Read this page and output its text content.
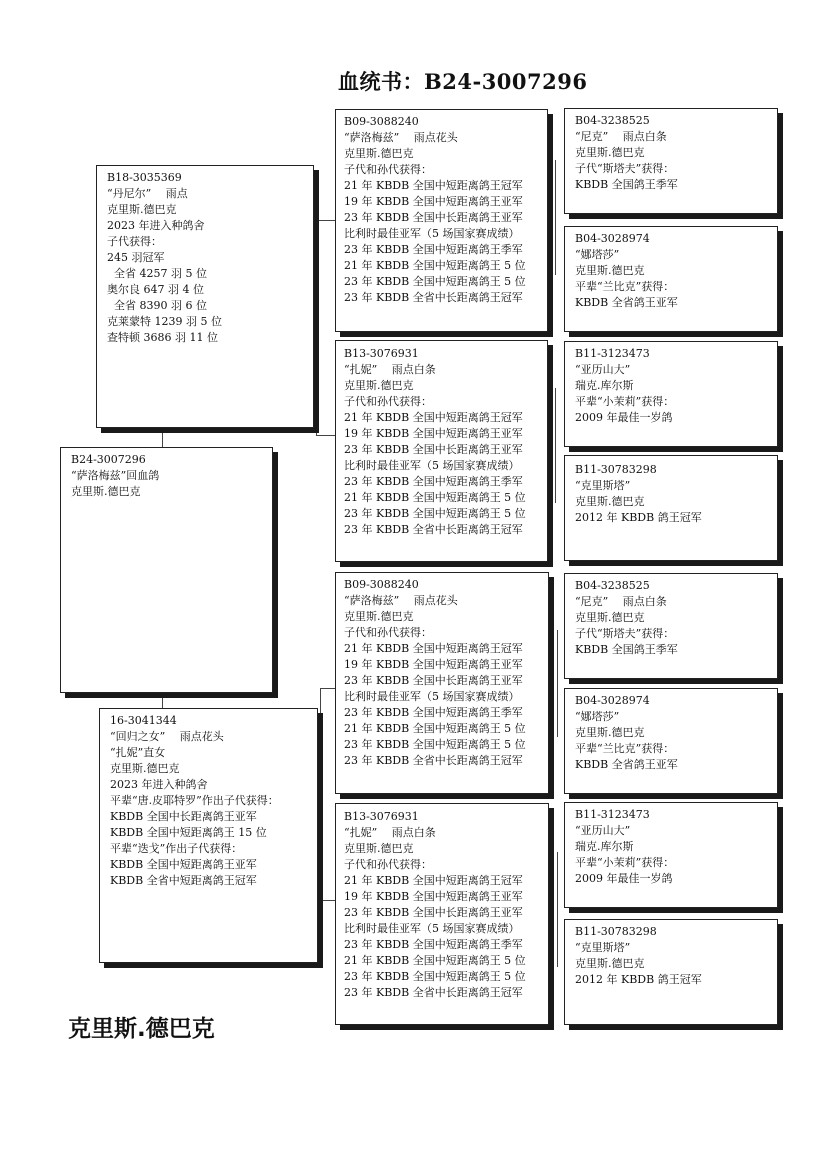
血统书：B24-3007296
B24-3007296
“萨洛梅兹”回血鸽
克里斯.德巴克
B18-3035369
“丹尼尔”　 雨点
克里斯.德巴克
2023 年进入种鸽舍
子代获得：
245 羽冠军
全省 4257 羽 5 位
奥尔良 647 羽 4 位
全省 8390 羽 6 位
克莱蒙特 1239 羽 5 位
查特顿 3686 羽 11 位
16-3041344
“回归之女”　 雨点花头
“扎妮”直女
克里斯.德巴克
2023 年进入种鸽舍
平辈“唐.皮耶特罗”作出子代获得：
KBDB 全国中长距离鸽王亚军
KBDB 全国中短距离鸽王 15 位
平辈“迭戈”作出子代获得：
KBDB 全国中短距离鸽王亚军
KBDB 全省中短距离鸽王冠军
B09-3088240
“萨洛梅兹”　 雨点花头
克里斯.德巴克
子代和孙代获得：
21 年 KBDB 全国中短距离鸽王冠军
19 年 KBDB 全国中短距离鸽王亚军
23 年 KBDB 全国中长距离鸽王亚军
比利时最佳亚军（5 场国家赛成绩）
23 年 KBDB 全国中短距离鸽王季军
21 年 KBDB 全国中短距离鸽王 5 位
23 年 KBDB 全国中短距离鸽王 5 位
23 年 KBDB 全省中长距离鸽王冠军
B13-3076931
“扎妮”　 雨点白条
克里斯.德巴克
子代和孙代获得：
21 年 KBDB 全国中短距离鸽王冠军
19 年 KBDB 全国中短距离鸽王亚军
23 年 KBDB 全国中长距离鸽王亚军
比利时最佳亚军（5 场国家赛成绩）
23 年 KBDB 全国中短距离鸽王季军
21 年 KBDB 全国中短距离鸽王 5 位
23 年 KBDB 全国中短距离鸽王 5 位
23 年 KBDB 全省中长距离鸽王冠军
B09-3088240
“萨洛梅兹”　 雨点花头
克里斯.德巴克
子代和孙代获得：
21 年 KBDB 全国中短距离鸽王冠军
19 年 KBDB 全国中短距离鸽王亚军
23 年 KBDB 全国中长距离鸽王亚军
比利时最佳亚军（5 场国家赛成绩）
23 年 KBDB 全国中短距离鸽王季军
21 年 KBDB 全国中短距离鸽王 5 位
23 年 KBDB 全国中短距离鸽王 5 位
23 年 KBDB 全省中长距离鸽王冠军
B13-3076931
“扎妮”　 雨点白条
克里斯.德巴克
子代和孙代获得：
21 年 KBDB 全国中短距离鸽王冠军
19 年 KBDB 全国中短距离鸽王亚军
23 年 KBDB 全国中长距离鸽王亚军
比利时最佳亚军（5 场国家赛成绩）
23 年 KBDB 全国中短距离鸽王季军
21 年 KBDB 全国中短距离鸽王 5 位
23 年 KBDB 全国中短距离鸽王 5 位
23 年 KBDB 全省中长距离鸽王冠军
B04-3238525
“尼克”　 雨点白条
克里斯.德巴克
子代“斯塔夫”获得：
KBDB 全国鸽王季军
B04-3028974
“娜塔莎”
克里斯.德巴克
平辈“兰比克”获得：
KBDB 全省鸽王亚军
B11-3123473
“亚历山大”
瑞克.库尔斯
平辈“小茉莉”获得：
2009 年最佳一岁鸽
B11-30783298
“克里斯塔”
克里斯.德巴克
2012 年 KBDB 鸽王冠军
B04-3238525
“尼克”　 雨点白条
克里斯.德巴克
子代“斯塔夫”获得：
KBDB 全国鸽王季军
B04-3028974
“娜塔莎”
克里斯.德巴克
平辈“兰比克”获得：
KBDB 全省鸽王亚军
B11-3123473
“亚历山大”
瑞克.库尔斯
平辈“小茉莉”获得：
2009 年最佳一岁鸽
B11-30783298
“克里斯塔”
克里斯.德巴克
2012 年 KBDB 鸽王冠军
克里斯.德巴克
